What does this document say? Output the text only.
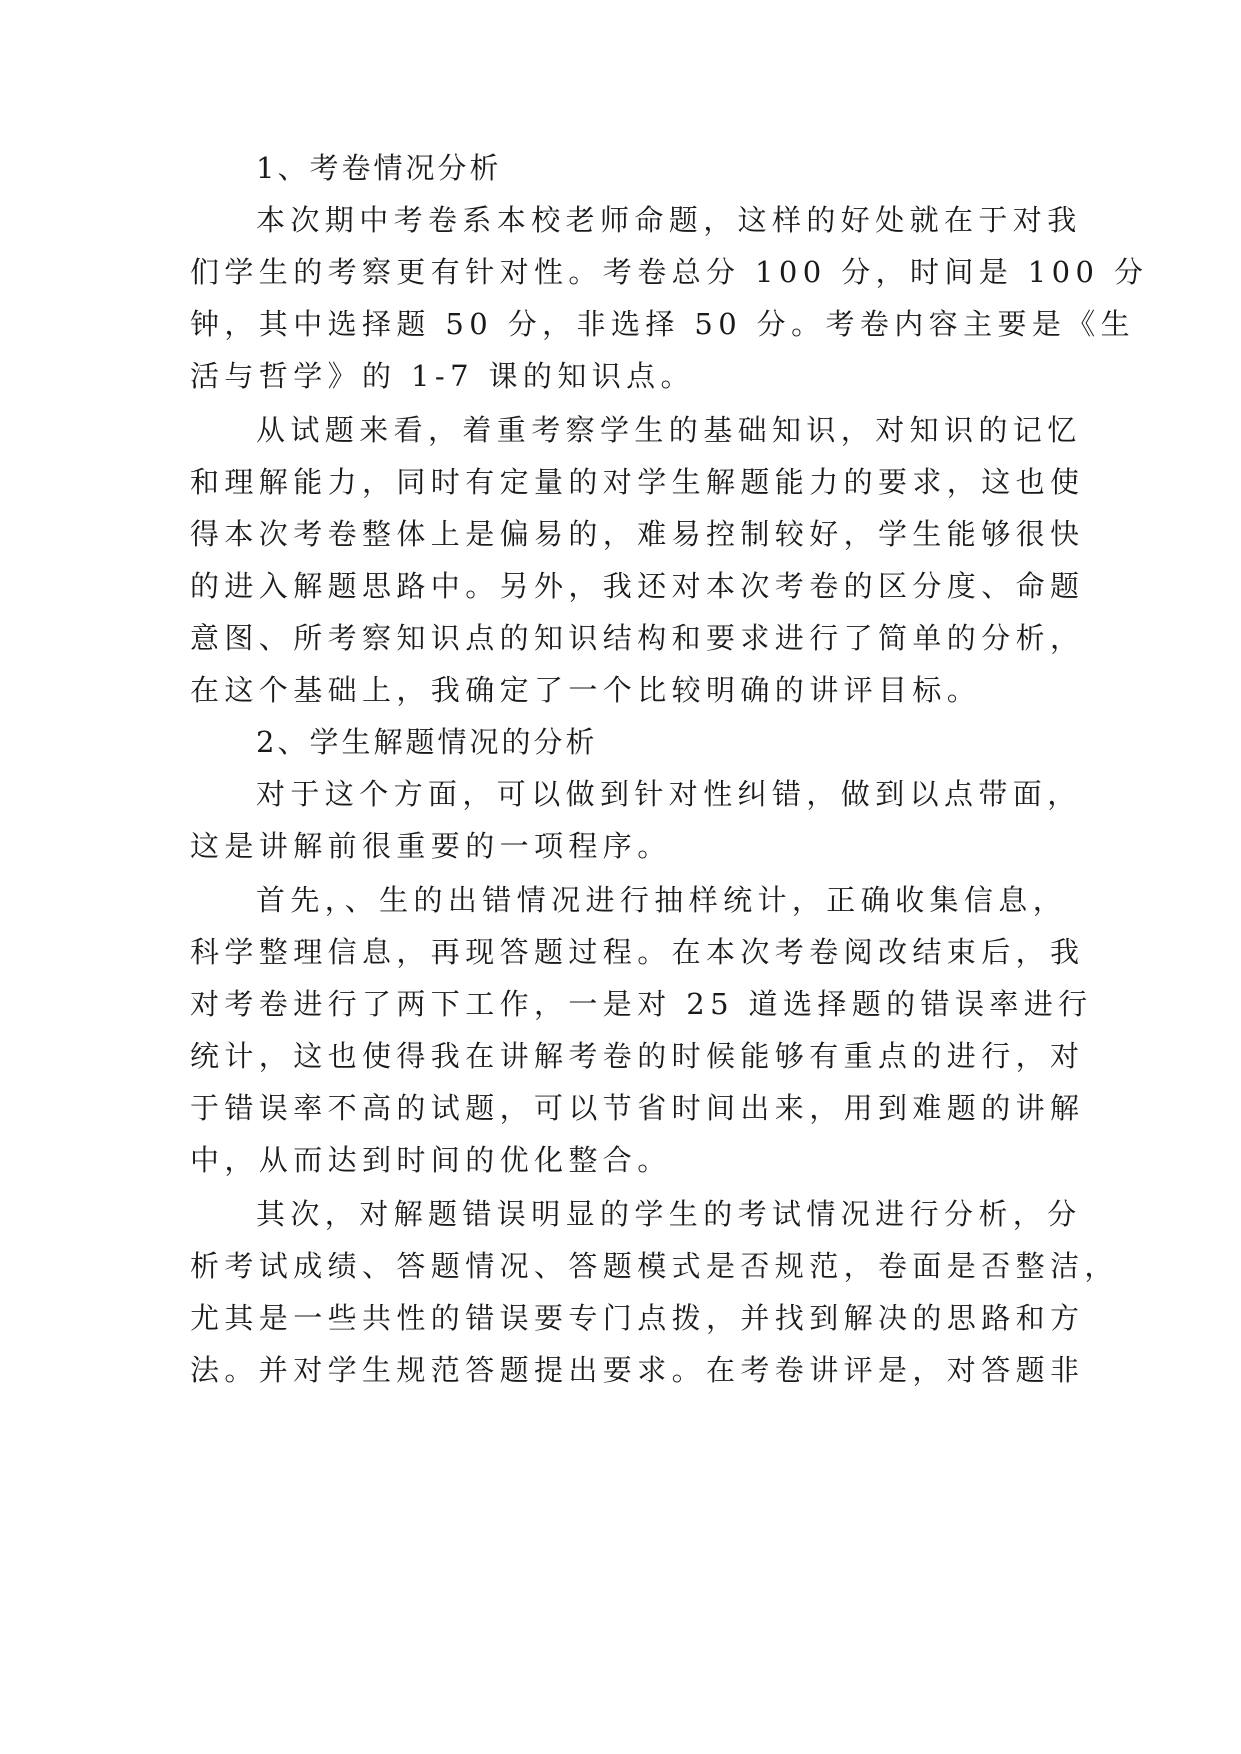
1、考卷情况分析
本次期中考卷系本校老师命题，这样的好处就在于对我
们学生的考察更有针对性。考卷总分 100 分，时间是 100 分
钟，其中选择题 50 分，非选择 50 分。考卷内容主要是《生
活与哲学》的 1-7 课的知识点。
从试题来看，着重考察学生的基础知识，对知识的记忆
和理解能力，同时有定量的对学生解题能力的要求，这也使
得本次考卷整体上是偏易的，难易控制较好，学生能够很快
的进入解题思路中。另外，我还对本次考卷的区分度、命题
意图、所考察知识点的知识结构和要求进行了简单的分析，
在这个基础上，我确定了一个比较明确的讲评目标。
2、学生解题情况的分析
对于这个方面，可以做到针对性纠错，做到以点带面，
这是讲解前很重要的一项程序。
首先，、生的出错情况进行抽样统计，正确收集信息，
科学整理信息，再现答题过程。在本次考卷阅改结束后，我
对考卷进行了两下工作，一是对 25 道选择题的错误率进行
统计，这也使得我在讲解考卷的时候能够有重点的进行，对
于错误率不高的试题，可以节省时间出来，用到难题的讲解
中，从而达到时间的优化整合。
其次，对解题错误明显的学生的考试情况进行分析，分
析考试成绩、答题情况、答题模式是否规范，卷面是否整洁，
尤其是一些共性的错误要专门点拨，并找到解决的思路和方
法。并对学生规范答题提出要求。在考卷讲评是，对答题非
